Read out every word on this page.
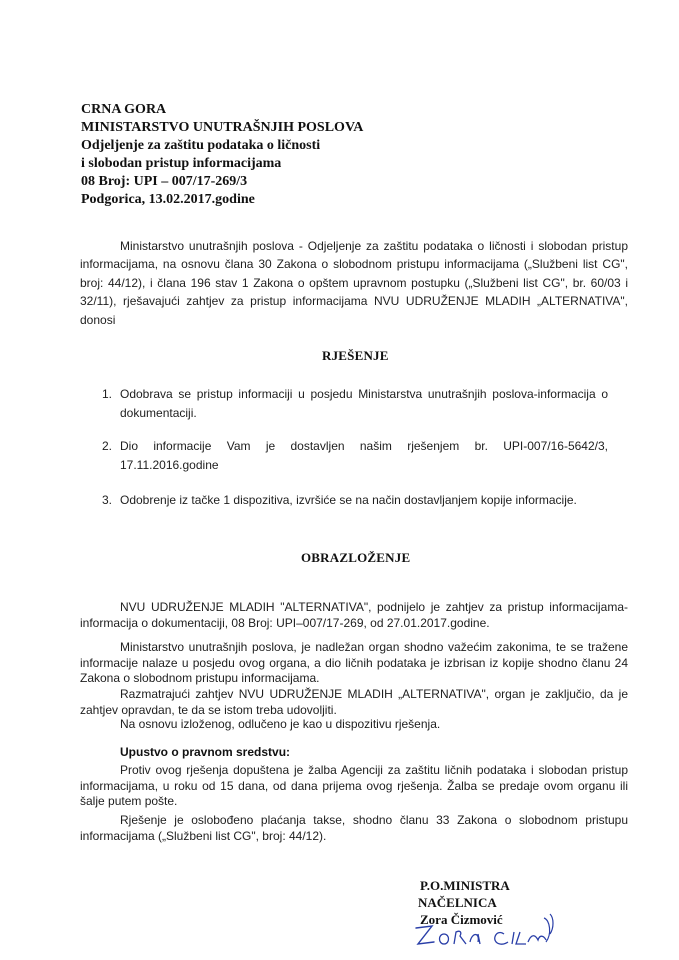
CRNA GORA
MINISTARSTVO UNUTRAŠNJIH POSLOVA
Odjeljenje za zaštitu podataka o ličnosti
i slobodan pristup informacijama
08 Broj: UPI – 007/17-269/3
Podgorica, 13.02.2017.godine
Ministarstvo unutrašnjih poslova - Odjeljenje za zaštitu podataka o ličnosti i slobodan pristup informacijama, na osnovu člana 30 Zakona o slobodnom pristupu informacijama („Službeni list CG", broj: 44/12), i člana 196 stav 1 Zakona o opštem upravnom postupku („Službeni list CG", br. 60/03 i 32/11), rješavajući zahtjev za pristup informacijama NVU UDRUŽENJE MLADIH „ALTERNATIVA", donosi
RJEŠENJE
1. Odobrava se pristup informaciji u posjedu Ministarstva unutrašnjih poslova-informacija o dokumentaciji.
2. Dio informacije Vam je dostavljen našim rješenjem br. UPI-007/16-5642/3, 17.11.2016.godine
3. Odobrenje iz tačke 1 dispozitiva, izvršiće se na način dostavljanjem kopije informacije.
OBRAZLOŽENJE
NVU UDRUŽENJE MLADIH "ALTERNATIVA", podnijelo je zahtjev za pristup informacijama-informacija o dokumentaciji, 08 Broj: UPI–007/17-269, od 27.01.2017.godine.
Ministarstvo unutrašnjih poslova, je nadležan organ shodno važećim zakonima, te se tražene informacije nalaze u posjedu ovog organa, a dio ličnih podataka je izbrisan iz kopije shodno članu 24 Zakona o slobodnom pristupu informacijama.
Razmatrajući zahtjev NVU UDRUŽENJE MLADIH „ALTERNATIVA", organ je zaključio, da je zahtjev opravdan, te da se istom treba udovoljiti.
Na osnovu izloženog, odlučeno je kao u dispozitivu rješenja.
Upustvo o pravnom sredstvu:
Protiv ovog rješenja dopuštena je žalba Agenciji za zaštitu ličnih podataka i slobodan pristup informacijama, u roku od 15 dana, od dana prijema ovog rješenja. Žalba se predaje ovom organu ili šalje putem pošte.
Rješenje je oslobođeno plaćanja takse, shodno članu 33 Zakona o slobodnom pristupu informacijama („Službeni list CG", broj: 44/12).
P.O.MINISTRA
NAČELNICA
Zora Čizmović
